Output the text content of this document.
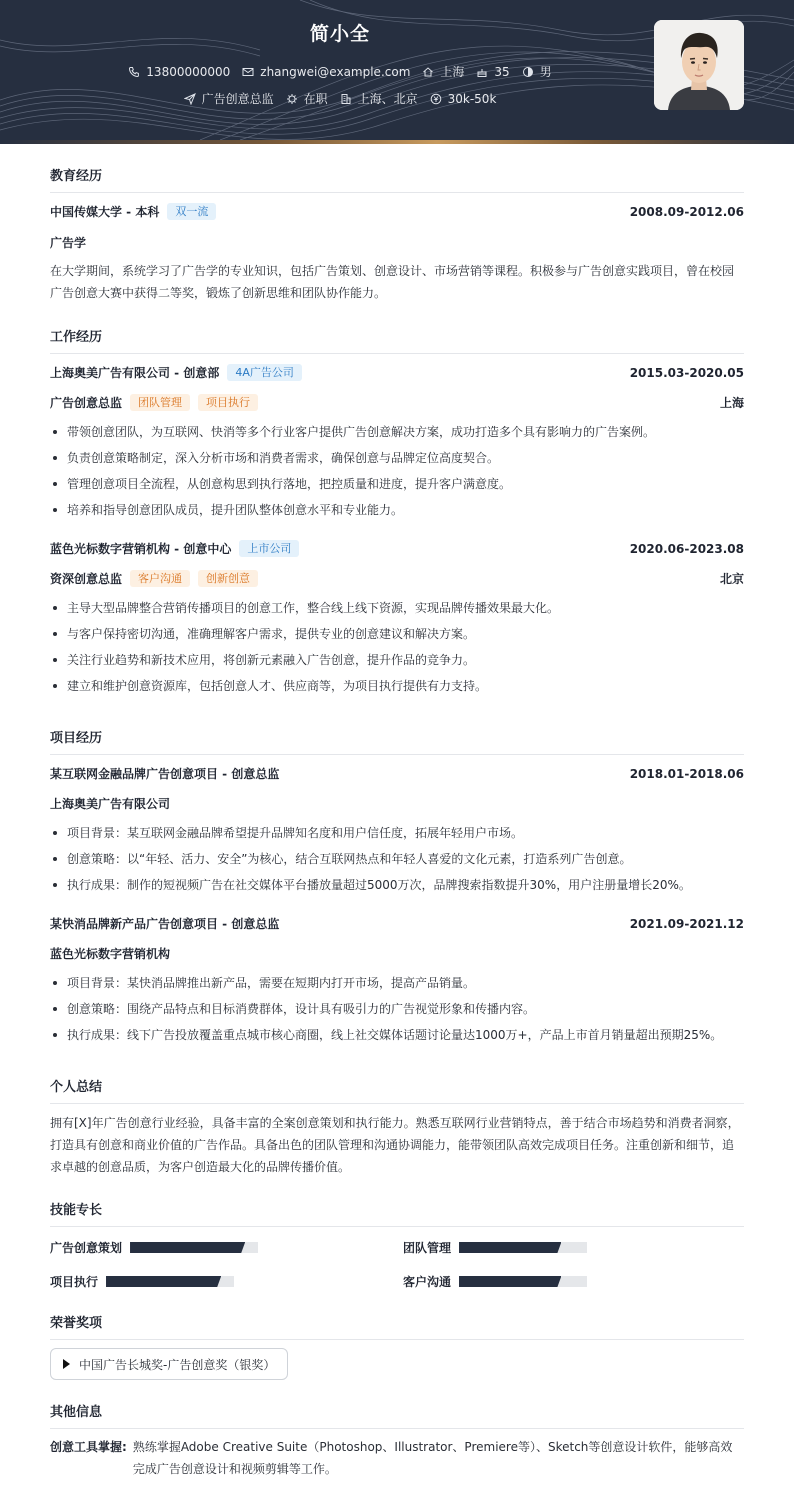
简小全
13800000000	zhangwei@example.com	上海	35	男
广告创意总监	在职	上海、北京	30k-50k
教育经历
中国传媒大学 - 本科	双一流	2008.09-2012.06
广告学
在大学期间，系统学习了广告学的专业知识，包括广告策划、创意设计、市场营销等课程。积极参与广告创意实践项目，曾在校园广告创意大赛中获得二等奖，锻炼了创新思维和团队协作能力。
工作经历
上海奥美广告有限公司 - 创意部	4A广告公司	2015.03-2020.05
广告创意总监	团队管理	项目执行	上海
带领创意团队，为互联网、快消等多个行业客户提供广告创意解决方案，成功打造多个具有影响力的广告案例。
负责创意策略制定，深入分析市场和消费者需求，确保创意与品牌定位高度契合。
管理创意项目全流程，从创意构思到执行落地，把控质量和进度，提升客户满意度。
培养和指导创意团队成员，提升团队整体创意水平和专业能力。
蓝色光标数字营销机构 - 创意中心	上市公司	2020.06-2023.08
资深创意总监	客户沟通	创新创意	北京
主导大型品牌整合营销传播项目的创意工作，整合线上线下资源，实现品牌传播效果最大化。
与客户保持密切沟通，准确理解客户需求，提供专业的创意建议和解决方案。
关注行业趋势和新技术应用，将创新元素融入广告创意，提升作品的竞争力。
建立和维护创意资源库，包括创意人才、供应商等，为项目执行提供有力支持。
项目经历
某互联网金融品牌广告创意项目 - 创意总监	2018.01-2018.06
上海奥美广告有限公司
项目背景：某互联网金融品牌希望提升品牌知名度和用户信任度，拓展年轻用户市场。
创意策略：以“年轻、活力、安全”为核心，结合互联网热点和年轻人喜爱的文化元素，打造系列广告创意。
执行成果：制作的短视频广告在社交媒体平台播放量超过5000万次，品牌搜索指数提升30%，用户注册量增长20%。
某快消品牌新产品广告创意项目 - 创意总监	2021.09-2021.12
蓝色光标数字营销机构
项目背景：某快消品牌推出新产品，需要在短期内打开市场，提高产品销量。
创意策略：围绕产品特点和目标消费群体，设计具有吸引力的广告视觉形象和传播内容。
执行成果：线下广告投放覆盖重点城市核心商圈，线上社交媒体话题讨论量达1000万+，产品上市首月销量超出预期25%。
个人总结
拥有[X]年广告创意行业经验，具备丰富的全案创意策划和执行能力。熟悉互联网行业营销特点，善于结合市场趋势和消费者洞察，打造具有创意和商业价值的广告作品。具备出色的团队管理和沟通协调能力，能带领团队高效完成项目任务。注重创新和细节，追求卓越的创意品质，为客户创造最大化的品牌传播价值。
技能专长
广告创意策划	团队管理
项目执行	客户沟通
荣誉奖项
中国广告长城奖-广告创意奖（银奖）
其他信息
创意工具掌握: 熟练掌握Adobe Creative Suite（Photoshop、Illustrator、Premiere等）、Sketch等创意设计软件，能够高效完成广告创意设计和视频剪辑等工作。
